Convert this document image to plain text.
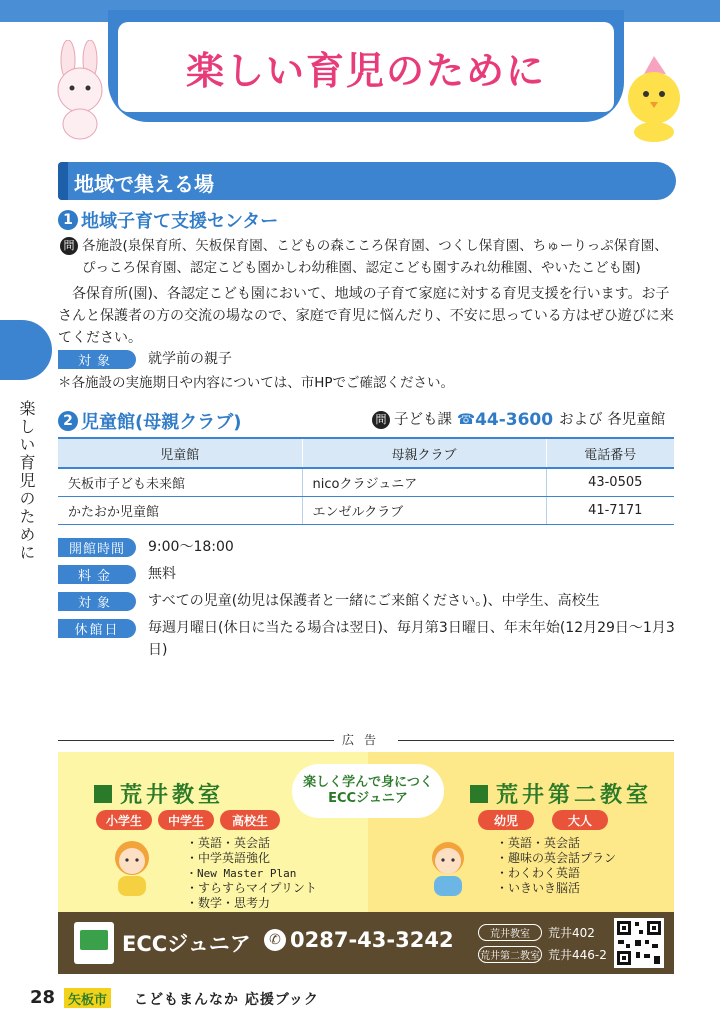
楽しい育児のために
楽しい育児のために
地域で集える場
1 地域子育て支援センター
問 各施設(泉保育所、矢板保育園、こどもの森こころ保育園、つくし保育園、ちゅーりっぷ保育園、
ぴっころ保育園、認定こども園かしわ幼稚園、認定こども園すみれ幼稚園、やいたこども園)
各保育所(園)、各認定こども園において、地域の子育て家庭に対する育児支援を行います。お子さんと保護者の方の交流の場なので、家庭で育児に悩んだり、不安に思っている方はぜひ遊びに来てください。
対象	就学前の親子
＊各施設の実施期日や内容については、市HPでご確認ください。
2 児童館(母親クラブ)	問 子ども課 ☎ 44-3600 および 各児童館
児童館	母親クラブ	電話番号
矢板市子ども未来館	nicoクラジュニア	43-0505
かたおか児童館	エンゼルクラブ	41-7171
開館時間	9:00〜18:00
料金	無料
対象	すべての児童(幼児は保護者と一緒にご来館ください。)、中学生、高校生
休館日	毎週月曜日(休日に当たる場合は翌日)、毎月第3日曜日、年末年始(12月29日〜1月3日)
広告
楽しく学んで身につく
ECCジュニア
荒井教室
小学生	中学生	高校生
・ 英語・英会話
・ 中学英語強化
・ New Master Plan
・ すらすらマイプリント
・ 数学・思考力
荒井第二教室
幼児	大人
・ 英語・英会話
・ 趣味の英会話プラン
・ わくわく英語
・ いきいき脳活
ECCジュニア	✆ 0287-43-3242	荒井教室	荒井402
荒井第二教室 荒井446-2
28 矢板市 こどもまんなか 応援ブック
